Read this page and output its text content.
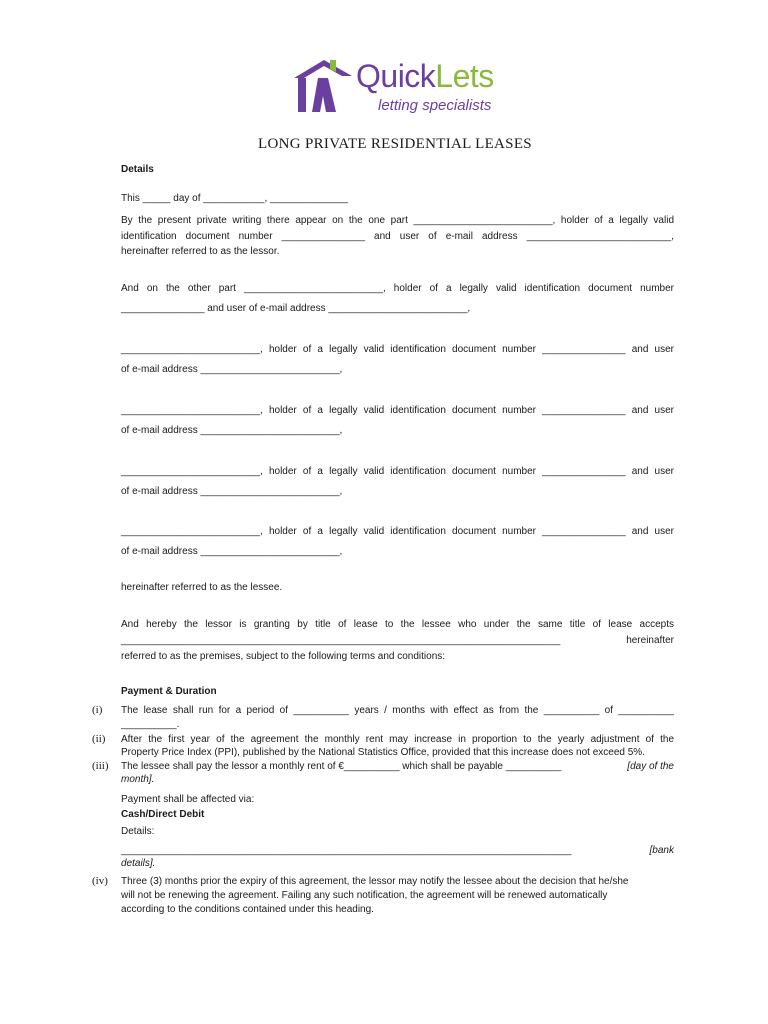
QuickLets
letting specialists
LONG PRIVATE RESIDENTIAL LEASES
Details
This _____ day of ___________, ______________
By the present private writing there appear on the one part _________________________, holder of a legally valid
identification document number _______________ and user of e-mail address __________________________,
hereinafter referred to as the lessor.
And on the other part _________________________, holder of a legally valid identification document number
_______________ and user of e-mail address _________________________,
_________________________, holder of a legally valid identification document number _______________ and user
of e-mail address _________________________,
_________________________, holder of a legally valid identification document number _______________ and user
of e-mail address _________________________,
_________________________, holder of a legally valid identification document number _______________ and user
of e-mail address _________________________,
_________________________, holder of a legally valid identification document number _______________ and user
of e-mail address _________________________,
hereinafter referred to as the lessee.
And hereby the lessor is granting by title of lease to the lessee who under the same title of lease accepts
_______________________________________________________________________________	hereinafter
referred to as the premises, subject to the following terms and conditions:
Payment & Duration
(i) The lease shall run for a period of __________ years / months with effect as from the __________ of __________
__________.
(ii) After the first year of the agreement the monthly rent may increase in proportion to the yearly adjustment of the
Property Price Index (PPI), published by the National Statistics Office, provided that this increase does not exceed 5%.
(iii) The lessee shall pay the lessor a monthly rent of €__________ which shall be payable __________	[day of the
month].
Payment shall be affected via:
Cash/Direct Debit
Details:
_________________________________________________________________________________	[bank
details].
(iv) Three (3) months prior the expiry of this agreement, the lessor may notify the lessee about the decision that he/she
will not be renewing the agreement. Failing any such notification, the agreement will be renewed automatically
according to the conditions contained under this heading.
